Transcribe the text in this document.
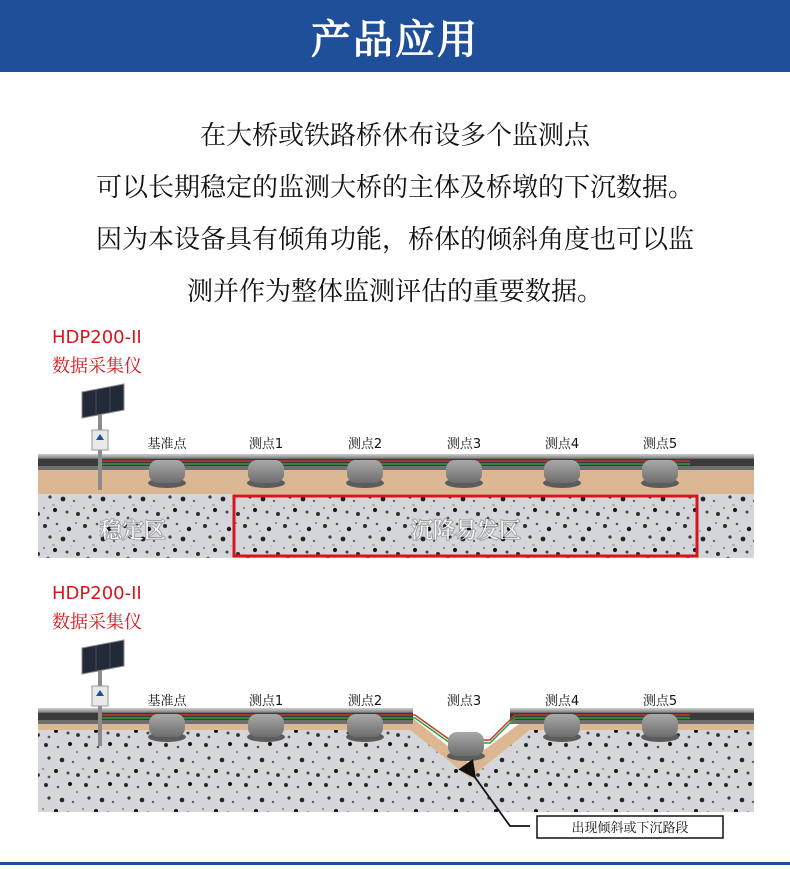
产品应用
在大桥或铁路桥休布设多个监测点
可以长期稳定的监测大桥的主体及桥墩的下沉数据。
因为本设备具有倾角功能，桥体的倾斜角度也可以监
测并作为整体监测评估的重要数据。
HDP200-II
数据采集仪
基准点	测点1	测点2	测点3	测点4	测点5
稳定区	沉降易发区
HDP200-II
数据采集仪
基准点	测点1	测点2	测点3	测点4	测点5
出现倾斜或下沉路段
